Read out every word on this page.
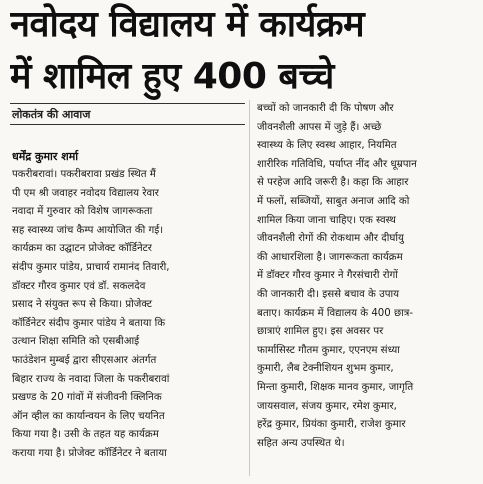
नवोदय विद्यालय में कार्यक्रम
में शामिल हुए 400 बच्चे
लोकतंत्र की आवाज
धर्मेंद्र कुमार शर्मा
पकरीबरावां। पकरीबरावा प्रखंड स्थित मैं
पी एम श्री जवाहर नवोदय विद्यालय रेवार
नवादा में गुरुवार को विशेष जागरूकता
सह स्वास्थ्य जांच कैम्प आयोजित की गई।
कार्यक्रम का उद्घाटन प्रोजेक्ट कॉर्डिनेटर
संदीप कुमार पांडेय, प्राचार्य रामानंद तिवारी,
डॉक्टर गौरव कुमार एवं डॉ. सकलदेव
प्रसाद ने संयुक्त रूप से किया। प्रोजेक्ट
कॉर्डिनेटर संदीप कुमार पांडेय ने बताया कि
उत्थान शिक्षा समिति को एसबीआई
फाउंडेशन मुम्बई द्वारा सीएसआर अंतर्गत
बिहार राज्य के नवादा जिला के पकरीबरावां
प्रखण्ड के 20 गांवों में संजीवनी क्लिनिक
ऑन व्हील का कार्यान्वयन के लिए चयनित
किया गया है। उसी के तहत यह कार्यक्रम
कराया गया है। प्रोजेक्ट कॉर्डिनेटर ने बताया
बच्चों को जानकारी दी कि पोषण और
जीवनशैली आपस में जुड़े हैं। अच्छे
स्वास्थ्य के लिए स्वस्थ आहार, नियमित
शारीरिक गतिविधि, पर्याप्त नींद और धूम्रपान
से परहेज आदि जरूरी है। कहा कि आहार
में फलों, सब्जियों, साबुत अनाज आदि को
शामिल किया जाना चाहिए। एक स्वस्थ
जीवनशैली रोगों की रोकथाम और दीर्घायु
की आधारशिला है। जागरूकता कार्यक्रम
में डॉक्टर गौरव कुमार ने गैरसंचारी रोगों
की जानकारी दी। इससे बचाव के उपाय
बताए। कार्यक्रम में विद्यालय के 400 छात्र-
छात्राएं शामिल हुए। इस अवसर पर
फार्मासिस्ट गौतम कुमार, एएनएम संध्या
कुमारी, लैब टेक्नीशियन शुभम कुमार,
मिन्ता कुमारी, शिक्षक मानव कुमार, जागृति
जायसवाल, संजय कुमार, रमेश कुमार,
हरेंद्र कुमार, प्रियंका कुमारी, राजेश कुमार
सहित अन्य उपस्थित थे।
